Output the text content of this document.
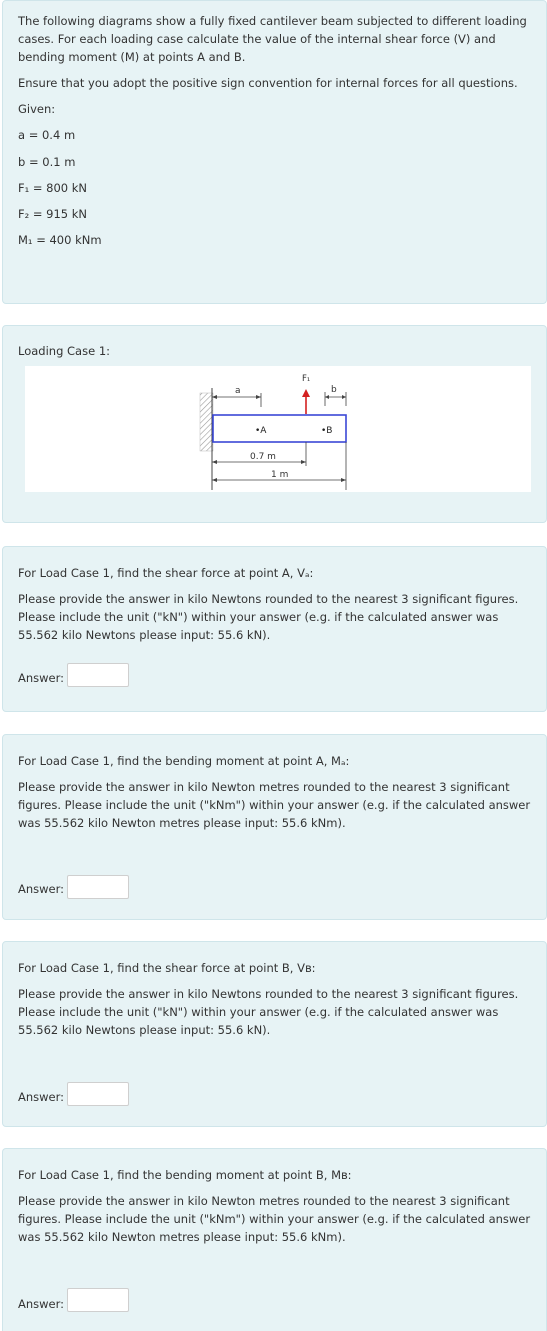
The following diagrams show a fully fixed cantilever beam subjected to different loading cases. For each loading case calculate the value of the internal shear force (V) and bending moment (M) at points A and B.

Ensure that you adopt the positive sign convention for internal forces for all questions.

Given:
a = 0.4 m
b = 0.1 m
F₁ = 800 kN
F₂ = 915 kN
M₁ = 400 kNm

Loading Case 1:

a
F₁
b
•A	•B
0.7 m
1 m

For Load Case 1, find the shear force at point A, Vₐ:

Please provide the answer in kilo Newtons rounded to the nearest 3 significant figures. Please include the unit ("kN") within your answer (e.g. if the calculated answer was 55.562 kilo Newtons please input: 55.6 kN).

Answer:

For Load Case 1, find the bending moment at point A, Mₐ:

Please provide the answer in kilo Newton metres rounded to the nearest 3 significant figures. Please include the unit ("kNm") within your answer (e.g. if the calculated answer was 55.562 kilo Newton metres please input: 55.6 kNm).

Answer:

For Load Case 1, find the shear force at point B, Vʙ:

Please provide the answer in kilo Newtons rounded to the nearest 3 significant figures. Please include the unit ("kN") within your answer (e.g. if the calculated answer was 55.562 kilo Newtons please input: 55.6 kN).

Answer:

For Load Case 1, find the bending moment at point B, Mʙ:

Please provide the answer in kilo Newton metres rounded to the nearest 3 significant figures. Please include the unit ("kNm") within your answer (e.g. if the calculated answer was 55.562 kilo Newton metres please input: 55.6 kNm).

Answer:
